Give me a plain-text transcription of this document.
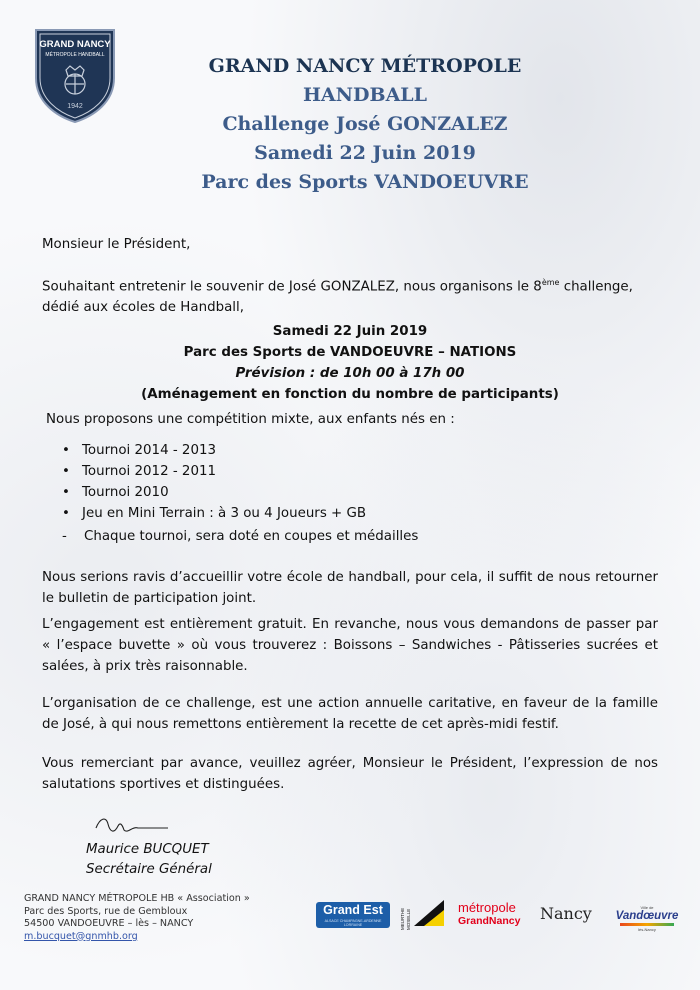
GRAND NANCY
MÉTROPOLE HANDBALL
1942
GRAND NANCY MÉTROPOLE
HANDBALL
Challenge José GONZALEZ
Samedi 22 Juin 2019
Parc des Sports VANDOEUVRE
Monsieur le Président,
Souhaitant entretenir le souvenir de José GONZALEZ, nous organisons le 8ème challenge, dédié aux écoles de Handball,
Samedi 22 Juin 2019
Parc des Sports de VANDOEUVRE – NATIONS
Prévision : de 10h 00 à 17h 00
(Aménagement en fonction du nombre de participants)
Nous proposons une compétition mixte, aux enfants nés en :
• Tournoi 2014 - 2013
• Tournoi 2012 - 2011
• Tournoi 2010
• Jeu en Mini Terrain : à 3 ou 4 Joueurs + GB
- Chaque tournoi, sera doté en coupes et médailles
Nous serions ravis d’accueillir votre école de handball, pour cela, il suffit de nous retourner le bulletin de participation joint.
L’engagement est entièrement gratuit. En revanche, nous vous demandons de passer par « l’espace buvette » où vous trouverez : Boissons – Sandwiches - Pâtisseries sucrées et salées, à prix très raisonnable.
L’organisation de ce challenge, est une action annuelle caritative, en faveur de la famille de José, à qui nous remettons entièrement la recette de cet après-midi festif.
Vous remerciant par avance, veuillez agréer, Monsieur le Président, l’expression de nos salutations sportives et distinguées.
Maurice BUCQUET
Secrétaire Général
GRAND NANCY MÉTROPOLE HB « Association »
Parc des Sports, rue de Gembloux
54500 VANDOEUVRE – lès – NANCY
m.bucquet@gnmhb.org
Grand Est
ALSACE CHAMPAGNE-ARDENNE LORRAINE	MEURTHE MOSELLE
métropole
GrandNancy	Nancy	Ville de
Vandœuvre
lès-Nancy
